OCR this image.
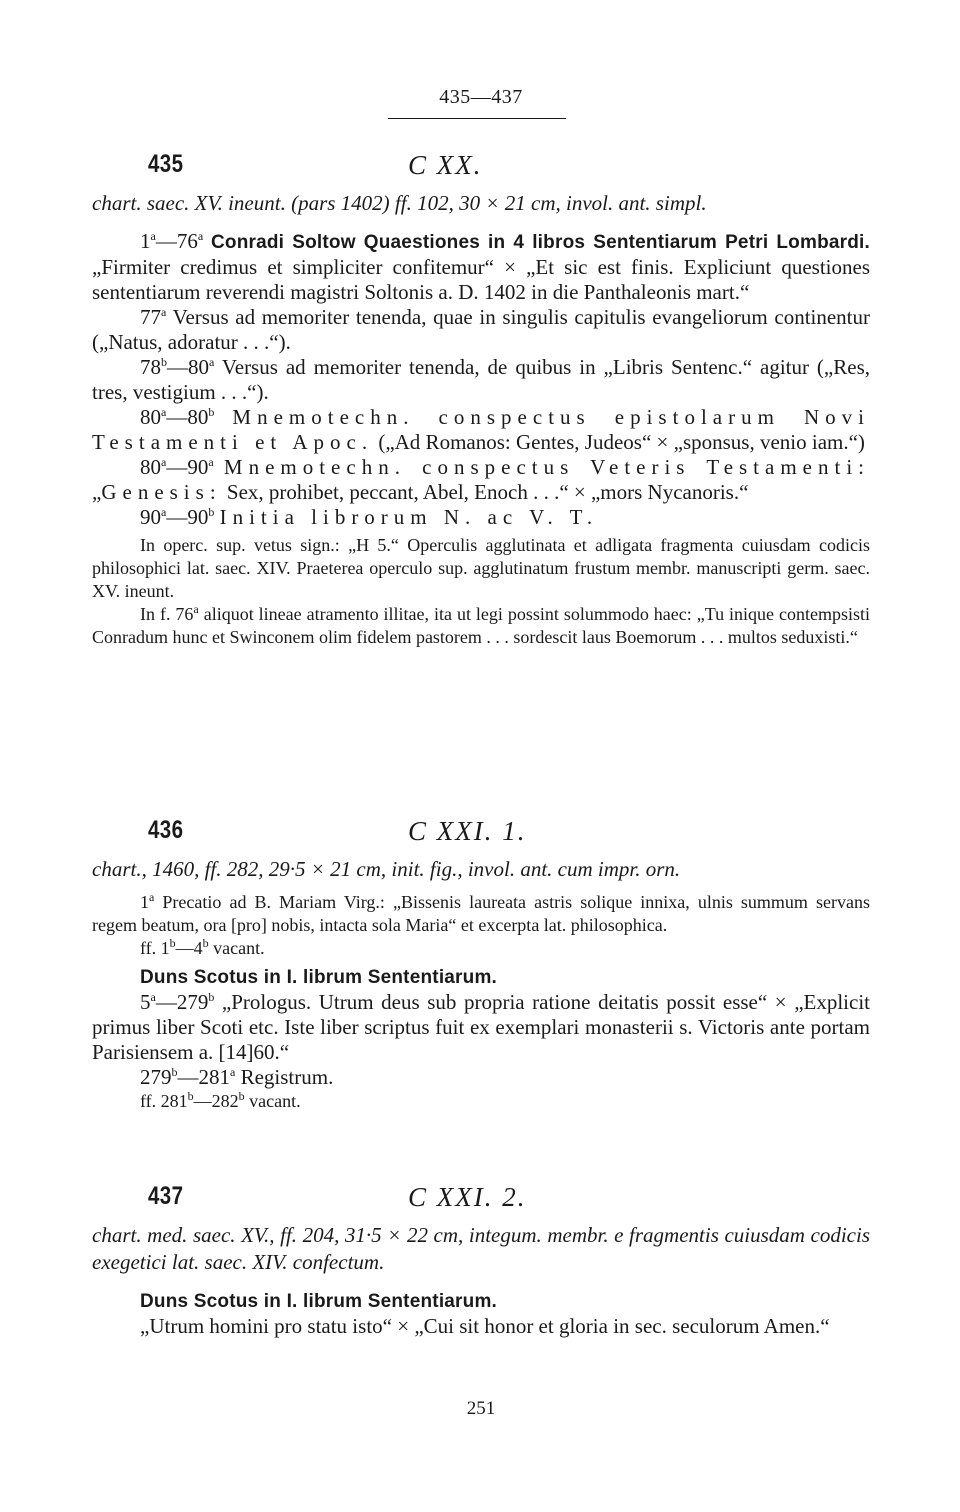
435—437
435	C XX.

chart. saec. XV. ineunt. (pars 1402) ff. 102, 30 × 21 cm, invol. ant. simpl.

1$^a$—76$^a$ Conradi Soltow Quaestiones in 4 libros Sententiarum Petri Lombardi. „Firmiter credimus et simpliciter confitemur“ × „Et sic est finis. Expliciunt questiones sententiarum reverendi magistri Soltonis a. D. 1402 in die Panthaleonis mart.“

77$^a$ Versus ad memoriter tenenda, quae in singulis capitulis evangeliorum continentur („Natus, adoratur . . .“).

78$^b$—80$^a$ Versus ad memoriter tenenda, de quibus in „Libris Sentenc.“ agitur („Res, tres, vestigium . . .“).

80$^a$—80$^b$ Mnemotechn. conspectus epistolarum Novi Testamenti et Apoc. („Ad Romanos: Gentes, Judeos“ × „sponsus, venio iam.“)

80$^a$—90$^a$ Mnemotechn. conspectus Veteris Testamenti: „Genesis: Sex, prohibet, peccant, Abel, Enoch . . .“ × „mors Nycanoris.“

90$^a$—90$^b$ Initia librorum N. ac V. T.

In operc. sup. vetus sign.: „H 5.“ Operculis agglutinata et adligata fragmenta cuiusdam codicis philosophici lat. saec. XIV. Praeterea operculo sup. agglutinatum frustum membr. manuscripti germ. saec. XV. ineunt.

In f. 76$^a$ aliquot lineae atramento illitae, ita ut legi possint solummodo haec: „Tu inique contempsisti Conradum hunc et Swinconem olim fidelem pastorem . . . sordescit laus Boemorum . . . multos seduxisti.“

436	C XXI. 1.

chart., 1460, ff. 282, 29·5 × 21 cm, init. fig., invol. ant. cum impr. orn.

1$^a$ Precatio ad B. Mariam Virg.: „Bissenis laureata astris solique innixa, ulnis summum servans regem beatum, ora [pro] nobis, intacta sola Maria“ et excerpta lat. philosophica.

ff. 1$^b$—4$^b$ vacant.

Duns Scotus in I. librum Sententiarum.

5$^a$—279$^b$ „Prologus. Utrum deus sub propria ratione deitatis possit esse“ × „Explicit primus liber Scoti etc. Iste liber scriptus fuit ex exemplari monasterii s. Victoris ante portam Parisiensem a. [14]60.“

279$^b$—281$^a$ Registrum.

ff. 281$^b$—282$^b$ vacant.

437	C XXI. 2.

chart. med. saec. XV., ff. 204, 31·5 × 22 cm, integum. membr. e fragmentis cuiusdam codicis exegetici lat. saec. XIV. confectum.

Duns Scotus in I. librum Sententiarum.

„Utrum homini pro statu isto“ × „Cui sit honor et gloria in sec. seculorum Amen.“

251
